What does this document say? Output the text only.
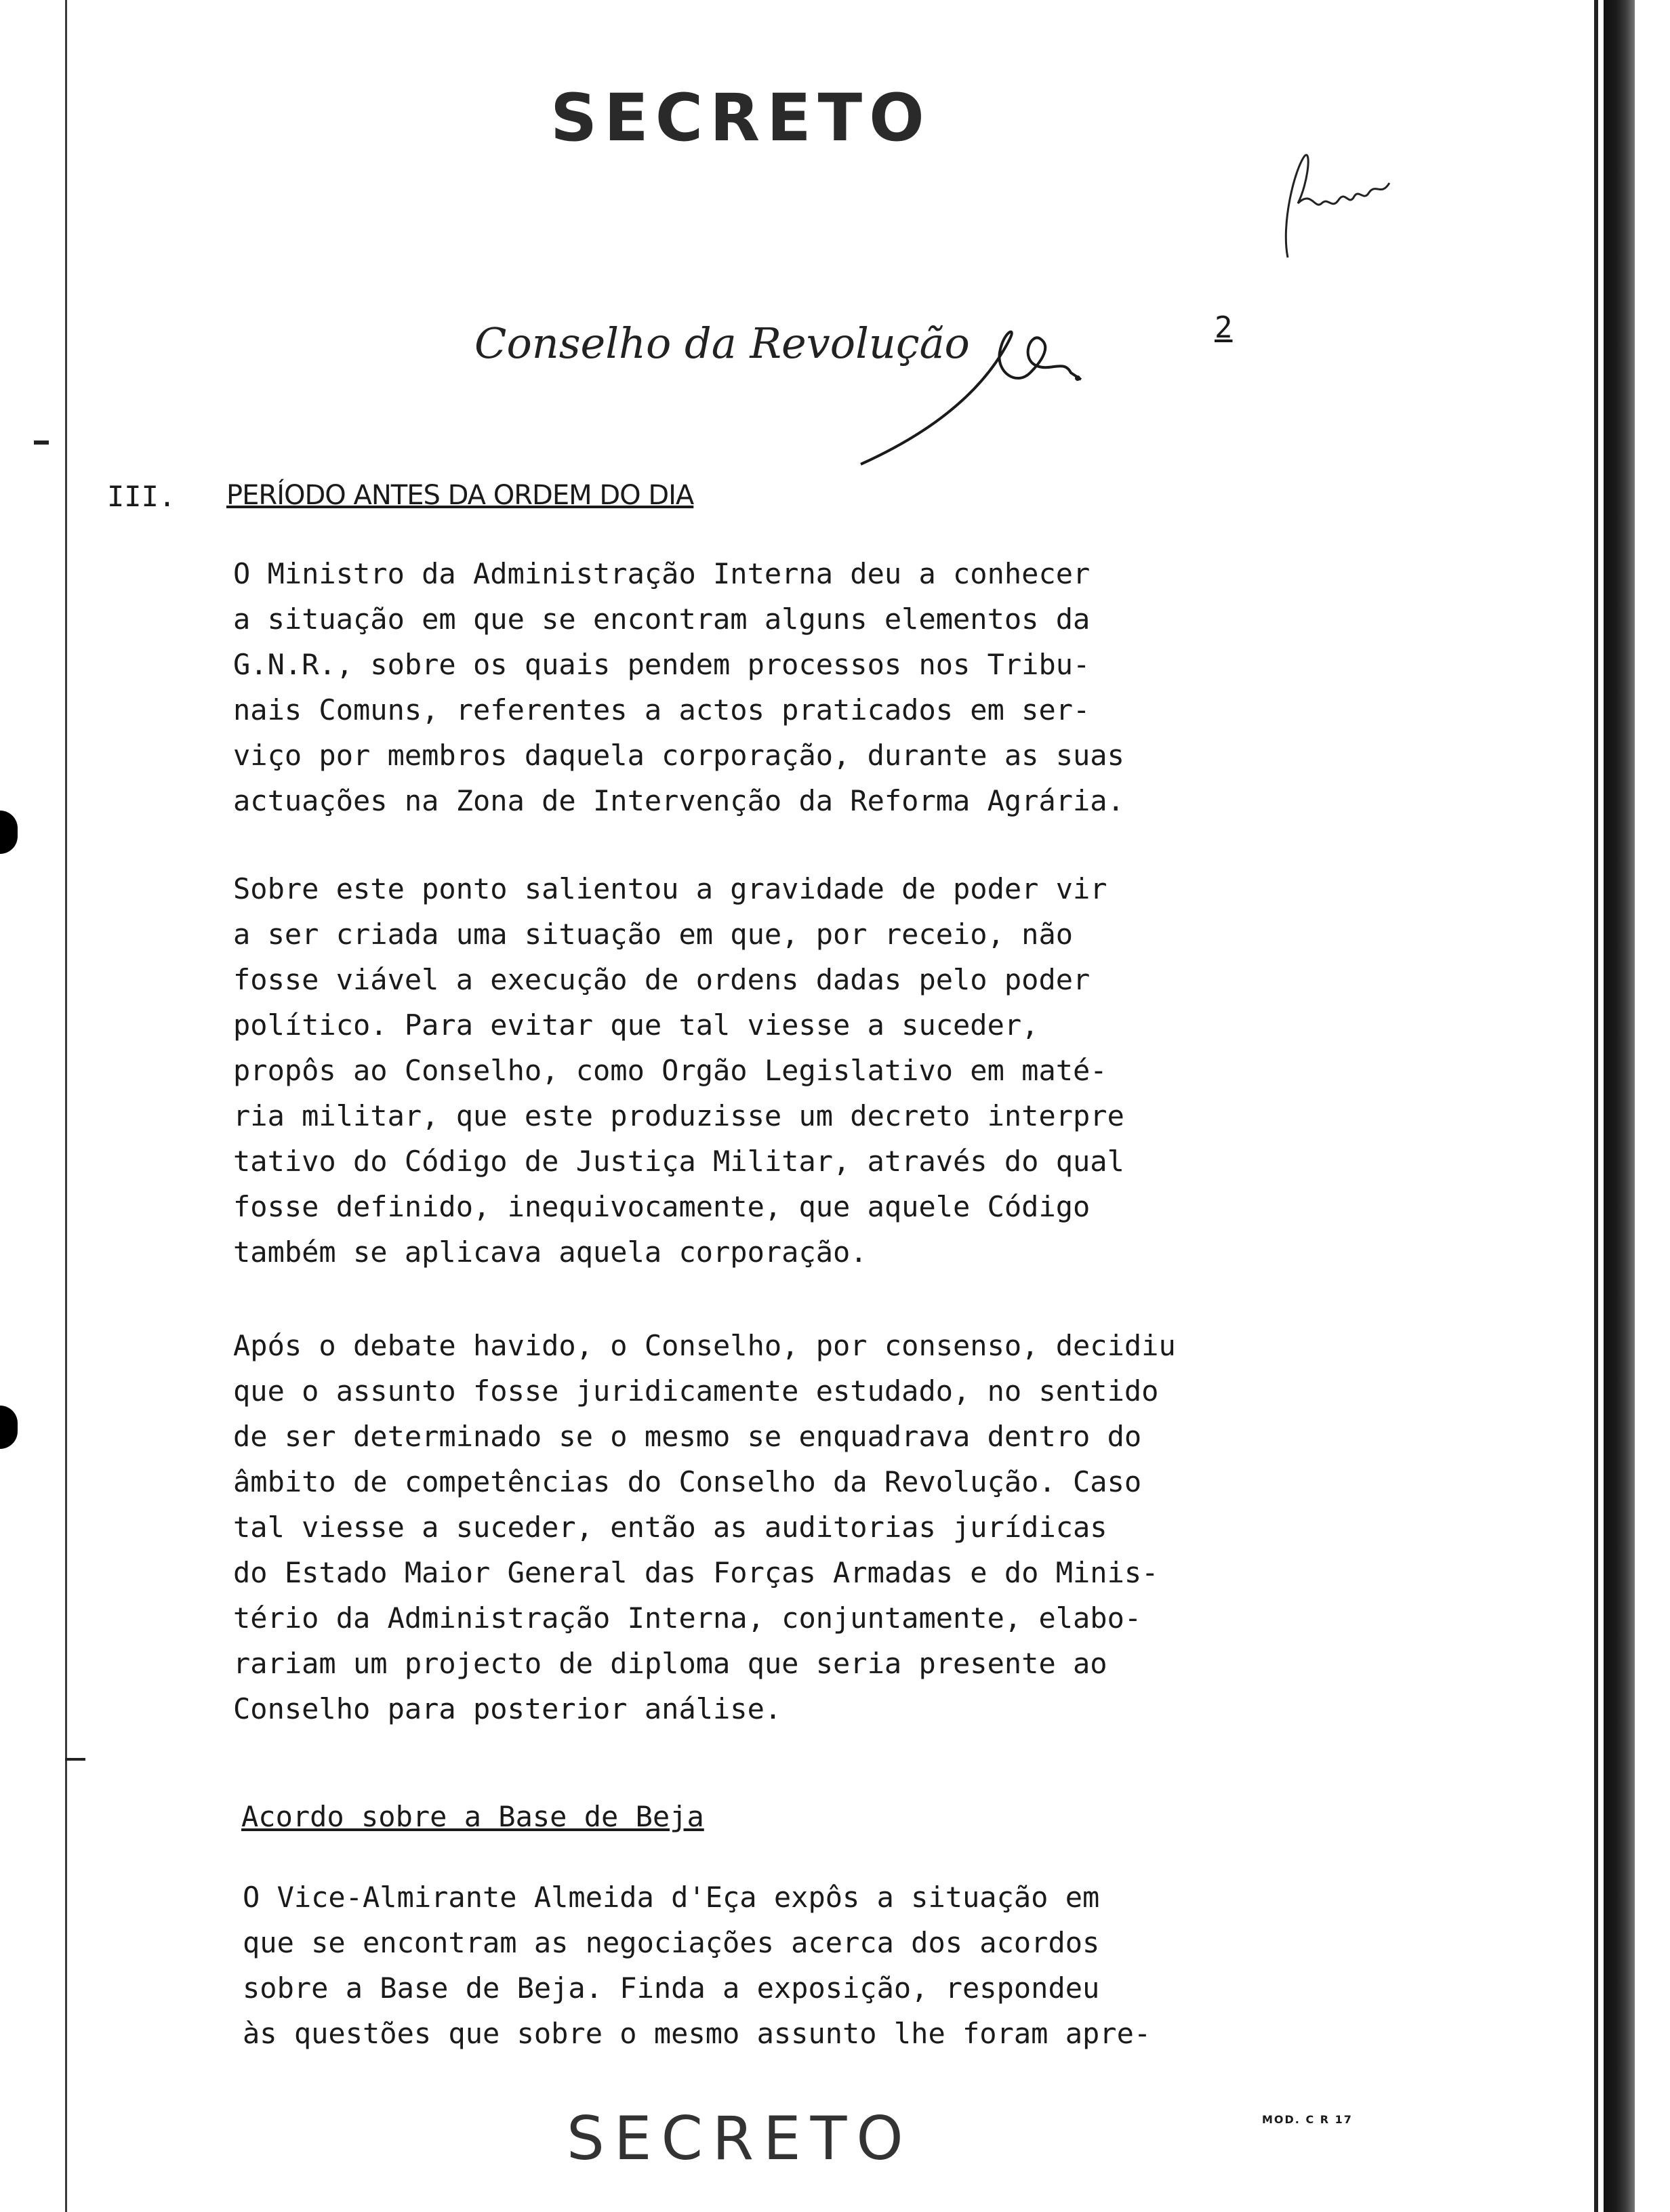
SECRETO
Conselho da Revolução	2
III. PERÍODO ANTES DA ORDEM DO DIA
O Ministro da Administração Interna deu a conhecer
a situação em que se encontram alguns elementos da
G.N.R., sobre os quais pendem processos nos Tribu-
nais Comuns, referentes a actos praticados em ser-
viço por membros daquela corporação, durante as suas
actuações na Zona de Intervenção da Reforma Agrária.
Sobre este ponto salientou a gravidade de poder vir
a ser criada uma situação em que, por receio, não
fosse viável a execução de ordens dadas pelo poder
político. Para evitar que tal viesse a suceder,
propôs ao Conselho, como Orgão Legislativo em maté-
ria militar, que este produzisse um decreto interpre
tativo do Código de Justiça Militar, através do qual
fosse definido, inequivocamente, que aquele Código
também se aplicava aquela corporação.
Após o debate havido, o Conselho, por consenso, decidiu
que o assunto fosse juridicamente estudado, no sentido
de ser determinado se o mesmo se enquadrava dentro do
âmbito de competências do Conselho da Revolução. Caso
tal viesse a suceder, então as auditorias jurídicas
do Estado Maior General das Forças Armadas e do Minis-
tério da Administração Interna, conjuntamente, elabo-
rariam um projecto de diploma que seria presente ao
Conselho para posterior análise.
Acordo sobre a Base de Beja
O Vice-Almirante Almeida d'Eça expôs a situação em
que se encontram as negociações acerca dos acordos
sobre a Base de Beja. Finda a exposição, respondeu
às questões que sobre o mesmo assunto lhe foram apre-
SECRETO	MOD. C R 17
